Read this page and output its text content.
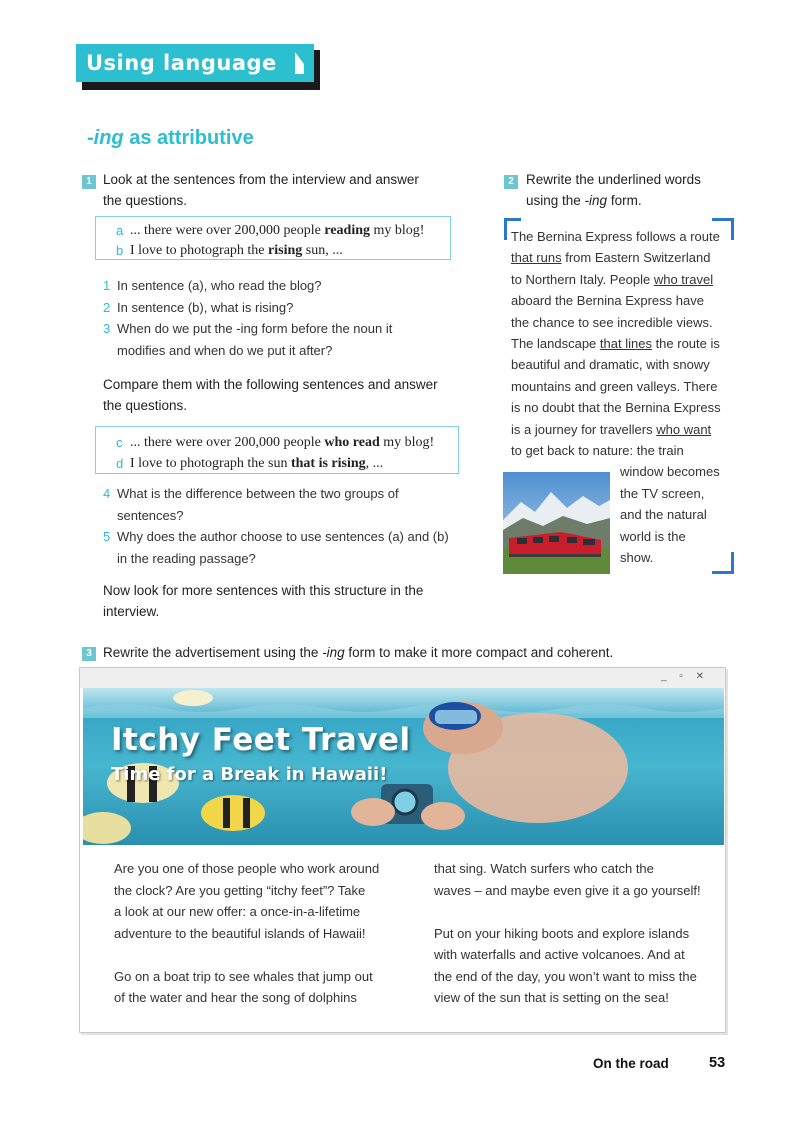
Using language
-ing as attributive
1 Look at the sentences from the interview and answer
the questions.
a ... there were over 200,000 people reading my blog!
b I love to photograph the rising sun, ...
1 In sentence (a), who read the blog?
2 In sentence (b), what is rising?
3 When do we put the -ing form before the noun it
modifies and when do we put it after?
Compare them with the following sentences and answer
the questions.
c ... there were over 200,000 people who read my blog!
d I love to photograph the sun that is rising, ...
4 What is the difference between the two groups of
sentences?
5 Why does the author choose to use sentences (a) and (b)
in the reading passage?
Now look for more sentences with this structure in the
interview.
2 Rewrite the underlined words
using the -ing form.
The Bernina Express follows a route
that runs from Eastern Switzerland
to Northern Italy. People who travel
aboard the Bernina Express have
the chance to see incredible views.
The landscape that lines the route is
beautiful and dramatic, with snowy
mountains and green valleys. There
is no doubt that the Bernina Express
is a journey for travellers who want
to get back to nature: the train
window becomes
the TV screen,
and the natural
world is the
show.
3 Rewrite the advertisement using the -ing form to make it more compact and coherent.
_ ▫ ✕
Itchy Feet Travel
Time for a Break in Hawaii!
Are you one of those people who work around
the clock? Are you getting “itchy feet”? Take
a look at our new offer: a once-in-a-lifetime
adventure to the beautiful islands of Hawaii!
Go on a boat trip to see whales that jump out
of the water and hear the song of dolphins
that sing. Watch surfers who catch the
waves – and maybe even give it a go yourself!
Put on your hiking boots and explore islands
with waterfalls and active volcanoes. And at
the end of the day, you won’t want to miss the
view of the sun that is setting on the sea!
On the road	53
